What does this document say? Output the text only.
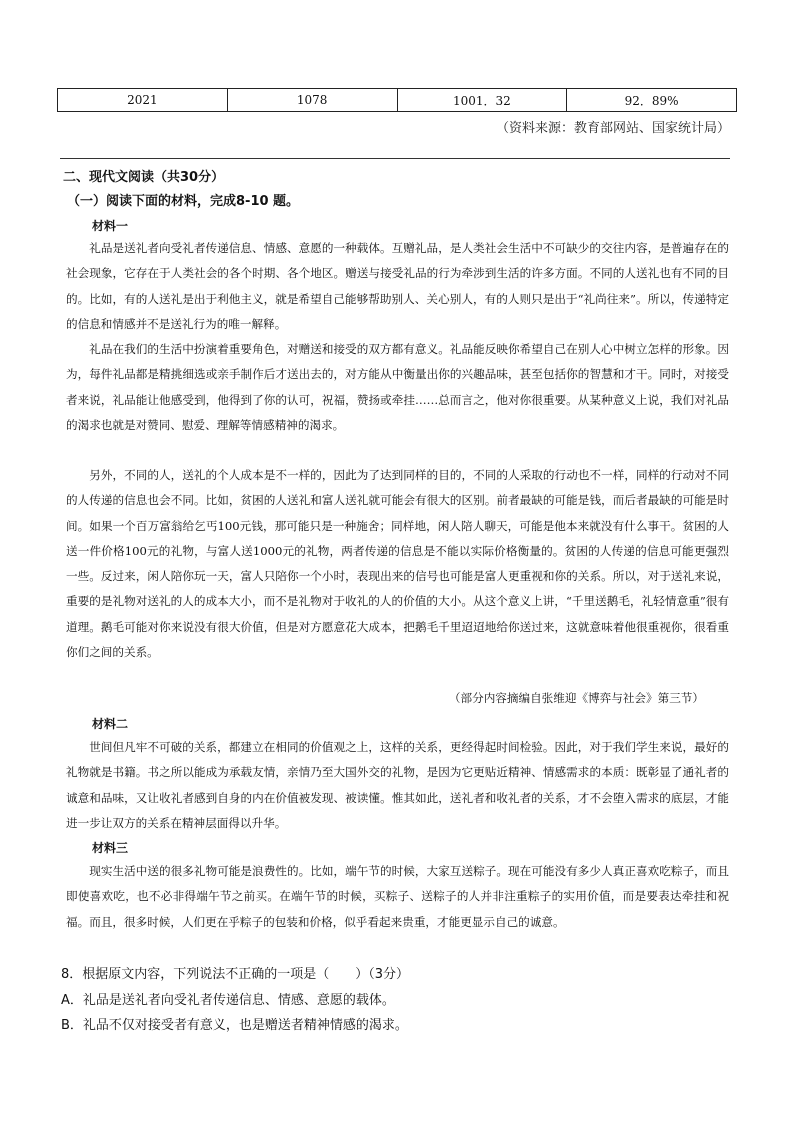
2021	1078	1001．32	92．89%
（资料来源：教育部网站、国家统计局）
二、现代文阅读（共30分）
（一）阅读下面的材料，完成8-10 题。
材料一

礼品是送礼者向受礼者传递信息、情感、意愿的一种载体。互赠礼品，是人类社会生活中不可缺少的交往内容，是普遍存在的社会现象，它存在于人类社会的各个时期、各个地区。赠送与接受礼品的行为牵涉到生活的许多方面。不同的人送礼也有不同的目的。比如，有的人送礼是出于利他主义，就是希望自己能够帮助别人、关心别人，有的人则只是出于“礼尚往来”。所以，传递特定的信息和情感并不是送礼行为的唯一解释。

礼品在我们的生活中扮演着重要角色，对赠送和接受的双方都有意义。礼品能反映你希望自己在别人心中树立怎样的形象。因为，每件礼品都是精挑细选或亲手制作后才送出去的，对方能从中衡量出你的兴趣品味，甚至包括你的智慧和才干。同时，对接受者来说，礼品能让他感受到，他得到了你的认可，祝福，赞扬或牵挂……总而言之，他对你很重要。从某种意义上说，我们对礼品的渴求也就是对赞同、慰爱、理解等情感精神的渴求。

另外，不同的人，送礼的个人成本是不一样的，因此为了达到同样的目的，不同的人采取的行动也不一样，同样的行动对不同的人传递的信息也会不同。比如，贫困的人送礼和富人送礼就可能会有很大的区别。前者最缺的可能是钱，而后者最缺的可能是时间。如果一个百万富翁给乞丐100元钱，那可能只是一种施舍；同样地，闲人陪人聊天，可能是他本来就没有什么事干。贫困的人送一件价格100元的礼物，与富人送1000元的礼物，两者传递的信息是不能以实际价格衡量的。贫困的人传递的信息可能更强烈一些。反过来，闲人陪你玩一天，富人只陪你一个小时，表现出来的信号也可能是富人更重视和你的关系。所以，对于送礼来说，重要的是礼物对送礼的人的成本大小，而不是礼物对于收礼的人的价值的大小。从这个意义上讲，“千里送鹅毛，礼轻情意重”很有道理。鹅毛可能对你来说没有很大价值，但是对方愿意花大成本，把鹅毛千里迢迢地给你送过来，这就意味着他很重视你，很看重你们之间的关系。

（部分内容摘编自张维迎《博弈与社会》第三节）
材料二

世间但凡牢不可破的关系，都建立在相同的价值观之上，这样的关系，更经得起时间检验。因此，对于我们学生来说，最好的礼物就是书籍。书之所以能成为承载友情，亲情乃至大国外交的礼物，是因为它更贴近精神、情感需求的本质：既彰显了通礼者的诚意和品味，又让收礼者感到自身的内在价值被发现、被读懂。惟其如此，送礼者和收礼者的关系，才不会堕入需求的底层，才能进一步让双方的关系在精神层面得以升华。

材料三

现实生活中送的很多礼物可能是浪费性的。比如，端午节的时候，大家互送粽子。现在可能没有多少人真正喜欢吃粽子，而且即使喜欢吃，也不必非得端午节之前买。在端午节的时候，买粽子、送粽子的人并非注重粽子的实用价值，而是要表达牵挂和祝福。而且，很多时候，人们更在乎粽子的包装和价格，似乎看起来贵重，才能更显示自己的诚意。

8．根据原文内容，下列说法不正确的一项是（　　）（3分）
A．礼品是送礼者向受礼者传递信息、情感、意愿的载体。
B．礼品不仅对接受者有意义，也是赠送者精神情感的渴求。
